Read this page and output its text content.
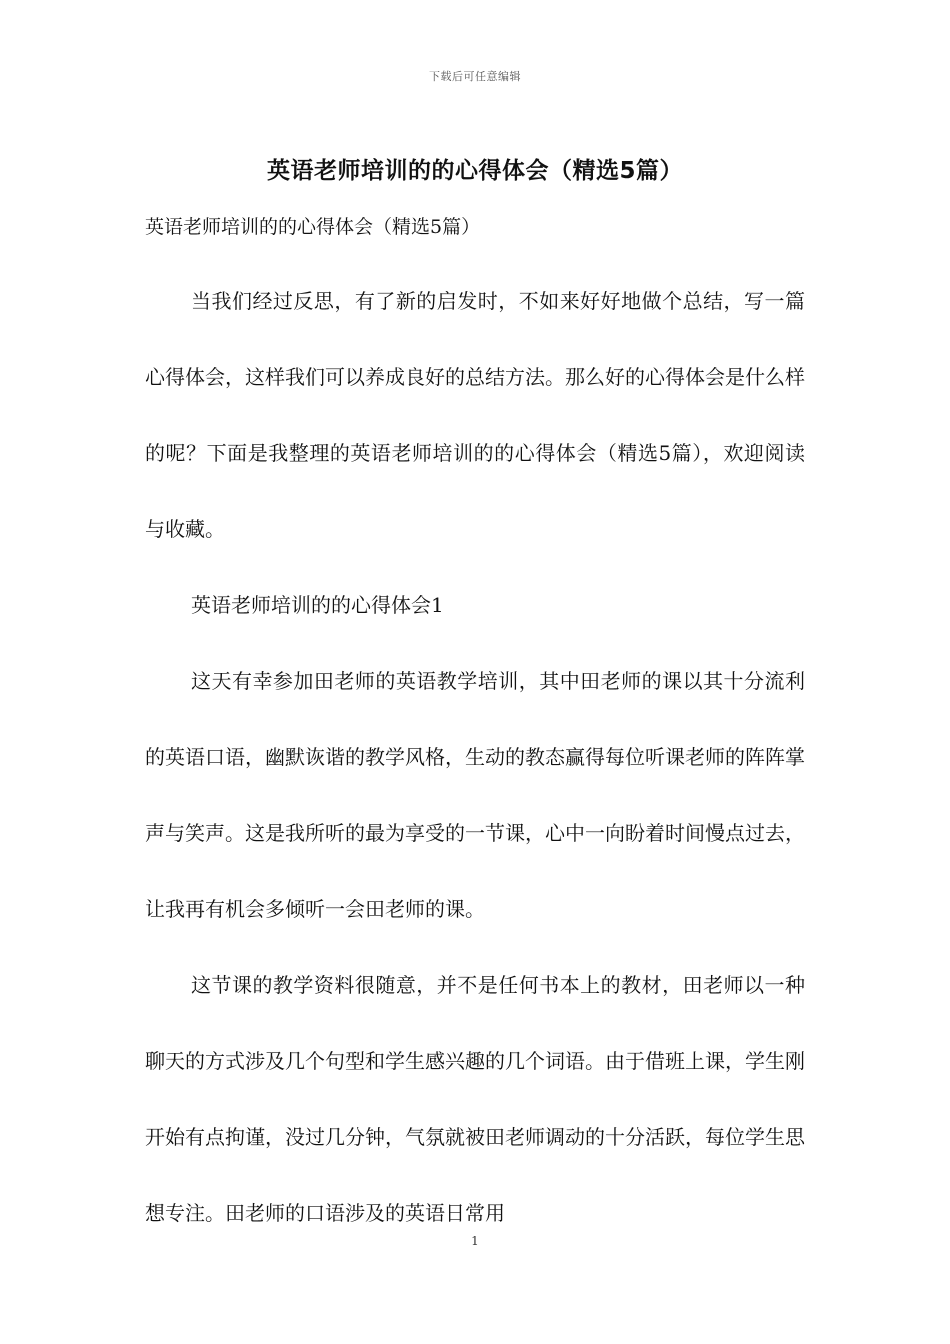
下载后可任意编辑
英语老师培训的的心得体会（精选5篇）
英语老师培训的的心得体会（精选5篇）
当我们经过反思，有了新的启发时，不如来好好地做个总结，写一篇心得体会，这样我们可以养成良好的总结方法。那么好的心得体会是什么样的呢？下面是我整理的英语老师培训的的心得体会（精选5篇），欢迎阅读与收藏。
英语老师培训的的心得体会1
这天有幸参加田老师的英语教学培训，其中田老师的课以其十分流利的英语口语，幽默诙谐的教学风格，生动的教态赢得每位听课老师的阵阵掌声与笑声。这是我所听的最为享受的一节课，心中一向盼着时间慢点过去，让我再有机会多倾听一会田老师的课。
这节课的教学资料很随意，并不是任何书本上的教材，田老师以一种聊天的方式涉及几个句型和学生感兴趣的几个词语。由于借班上课，学生刚开始有点拘谨，没过几分钟，气氛就被田老师调动的十分活跃，每位学生思想专注。田老师的口语涉及的英语日常用
1
